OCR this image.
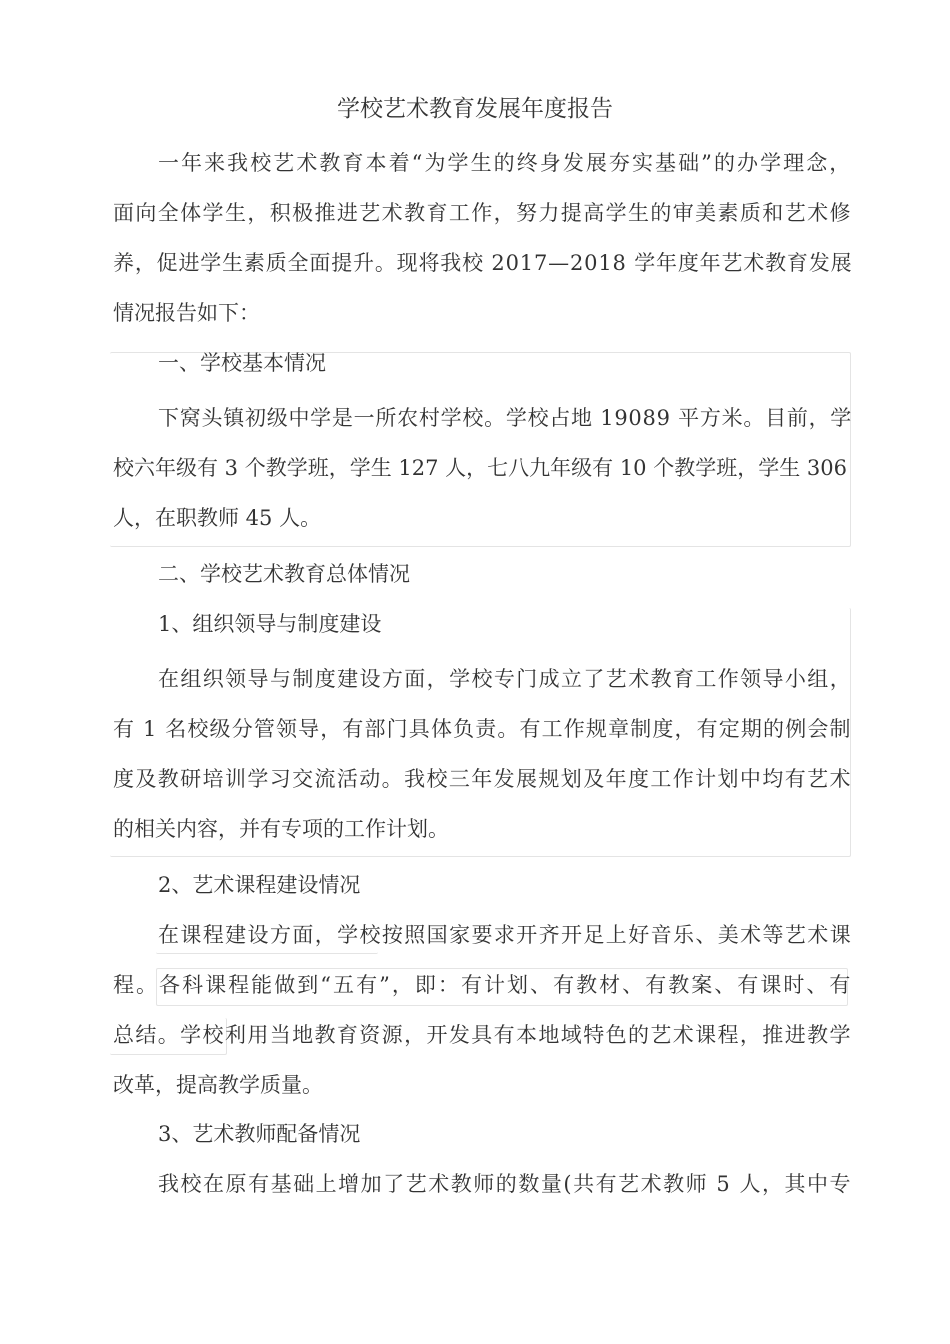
学校艺术教育发展年度报告
一年来我校艺术教育本着“为学生的终身发展夯实基础”的办学理念，
面向全体学生，积极推进艺术教育工作，努力提高学生的审美素质和艺术修
养，促进学生素质全面提升。现将我校 2017—2018 学年度年艺术教育发展
情况报告如下：
一、学校基本情况
下窝头镇初级中学是一所农村学校。学校占地 19089 平方米。目前，学
校六年级有 3 个教学班，学生 127 人，七八九年级有 10 个教学班，学生 306
人，在职教师 45 人。
二、学校艺术教育总体情况
1、组织领导与制度建设
在组织领导与制度建设方面，学校专门成立了艺术教育工作领导小组，
有 1 名校级分管领导，有部门具体负责。有工作规章制度，有定期的例会制
度及教研培训学习交流活动。我校三年发展规划及年度工作计划中均有艺术
的相关内容，并有专项的工作计划。
2、艺术课程建设情况
在课程建设方面，学校按照国家要求开齐开足上好音乐、美术等艺术课
程。各科课程能做到“五有”，即：有计划、有教材、有教案、有课时、有
总结。学校利用当地教育资源，开发具有本地域特色的艺术课程，推进教学
改革，提高教学质量。
3、艺术教师配备情况
我校在原有基础上增加了艺术教师的数量(共有艺术教师 5 人，其中专
